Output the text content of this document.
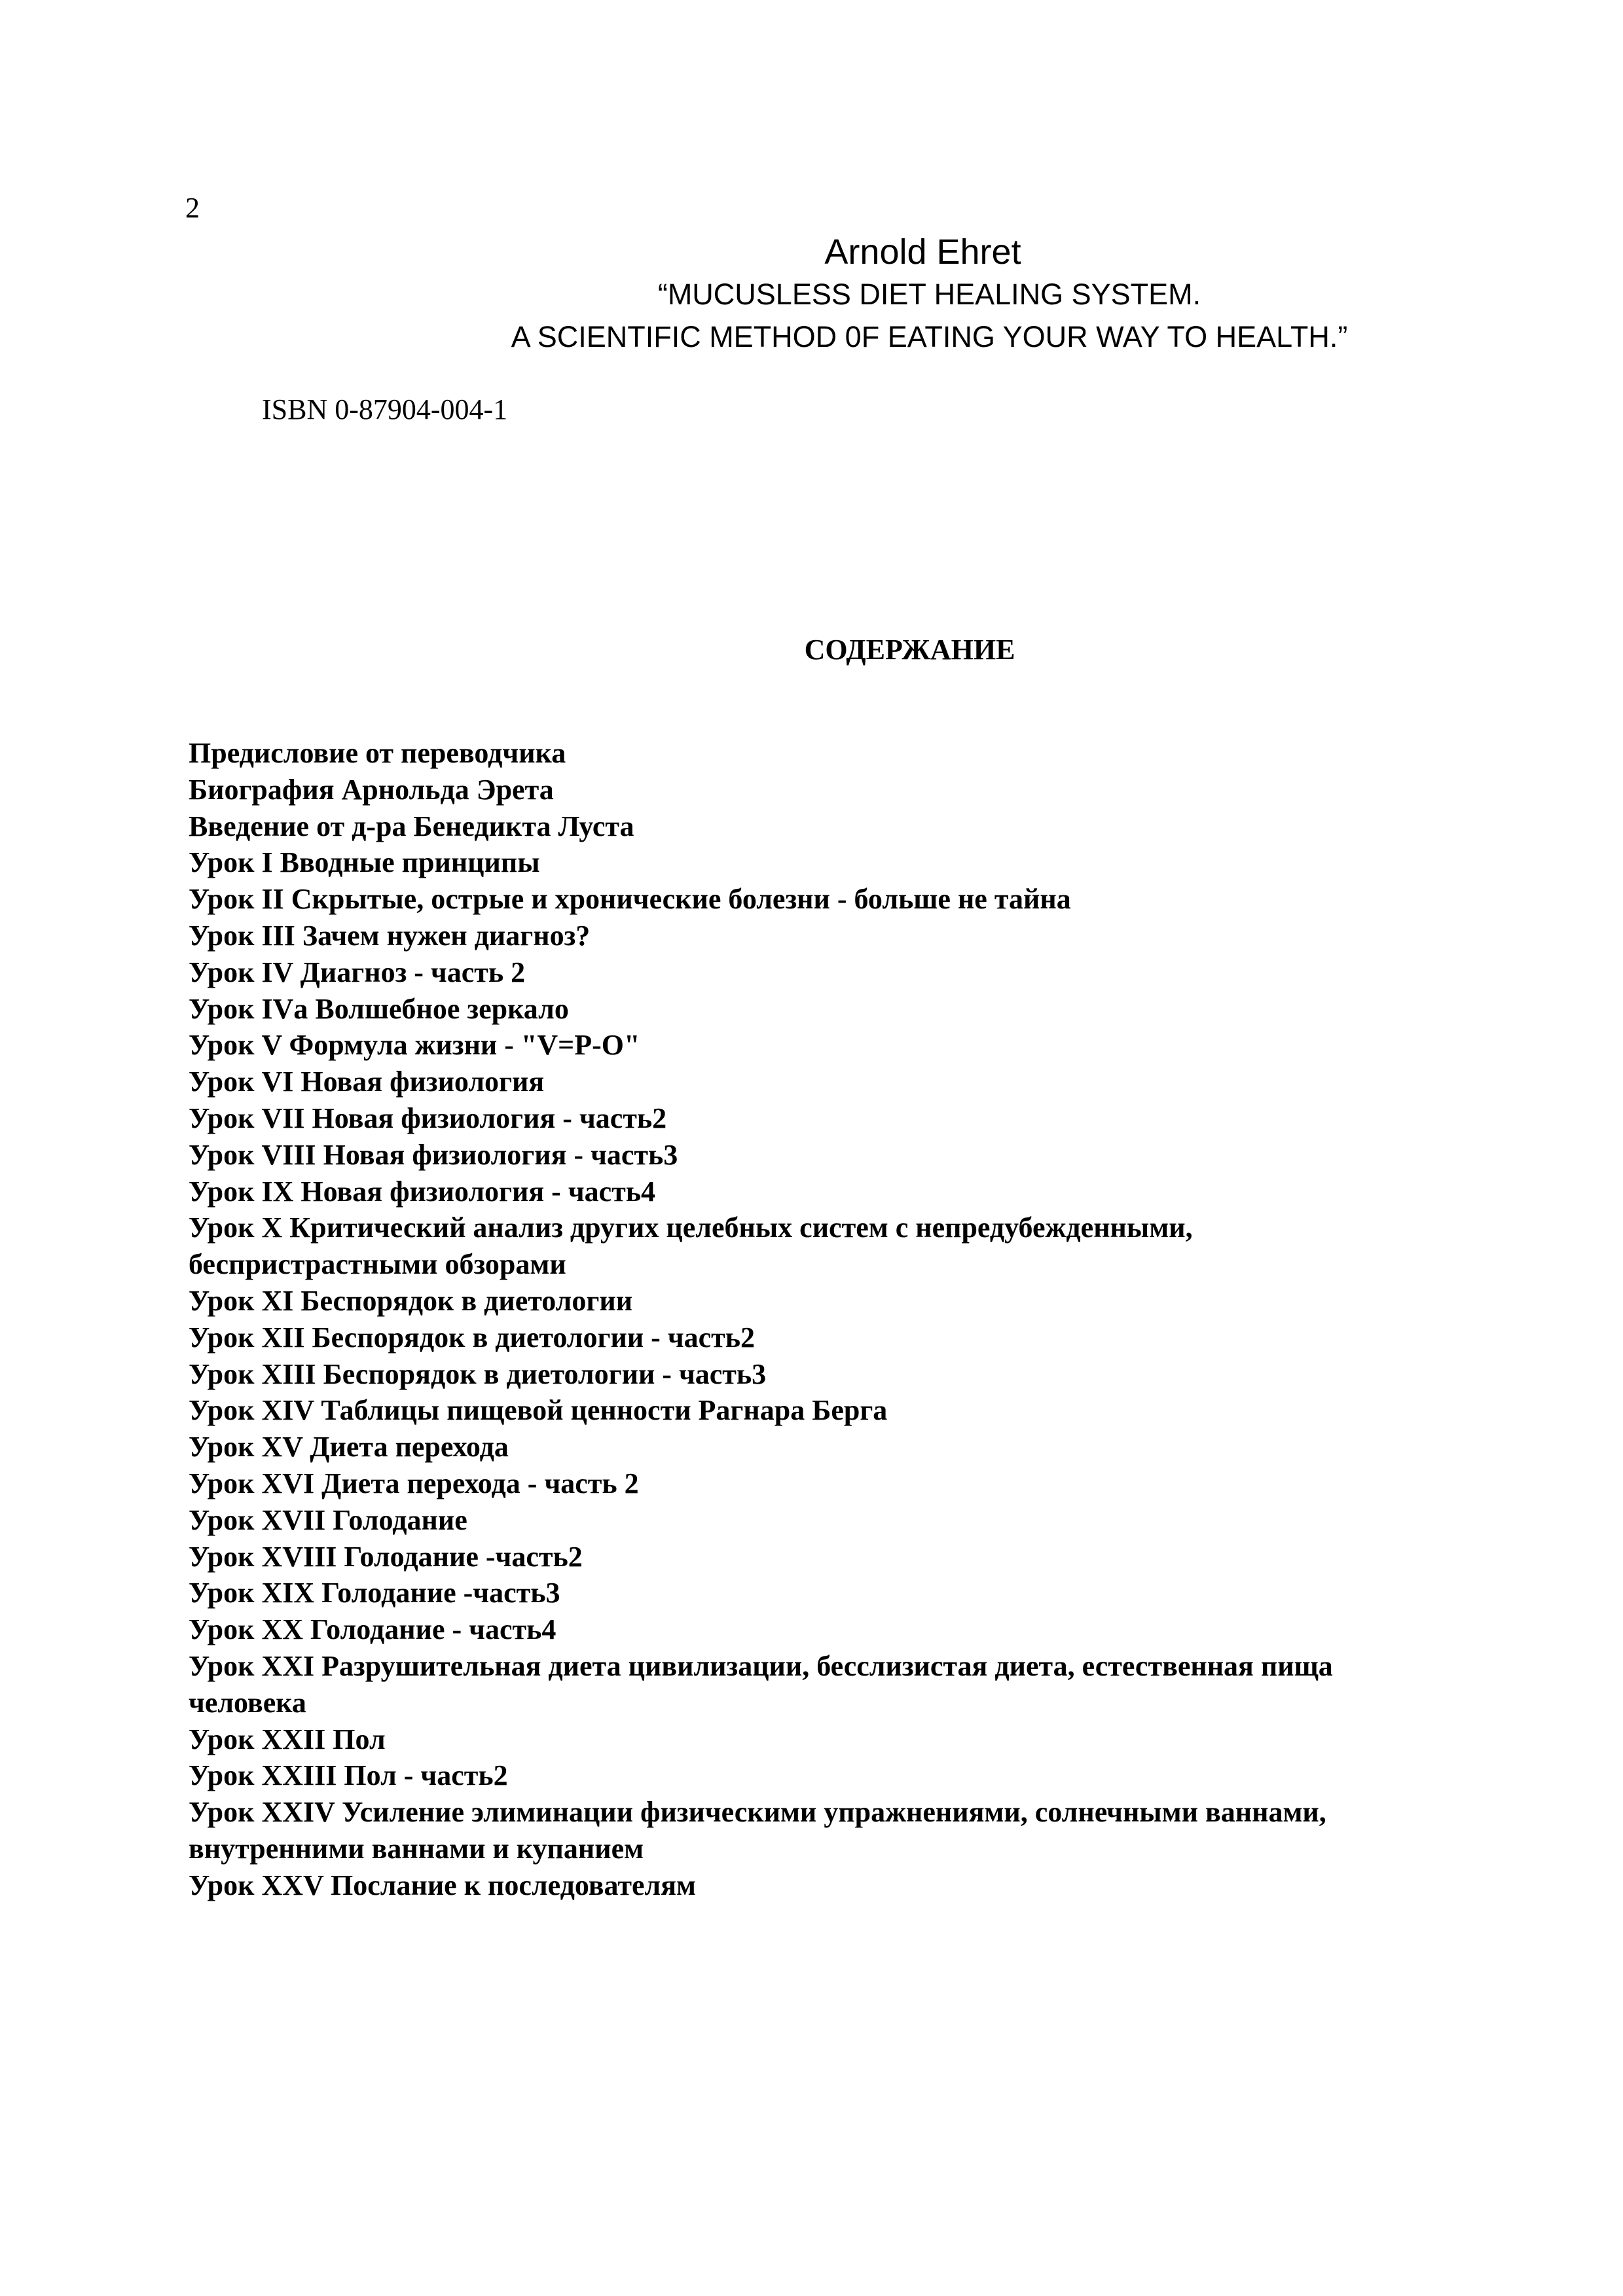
2
Arnold Ehret
“MUCUSLESS DIET HEALING SYSTEM.
A SCIENTIFIC METHOD 0F EATING YOUR WAY TO HEALTH.”
ISBN 0-87904-004-1
СОДЕРЖАНИЕ
Предисловие от переводчика
Биография Арнольда Эрета
Введение от д-ра Бенедикта Луста
Урок I Вводные принципы
Урок II Скрытые, острые и хронические болезни - больше не тайна
Урок III Зачем нужен диагноз?
Урок IV Диагноз - часть 2
Урок IVа Волшебное зеркало
Урок V Формула жизни - "V=P-O"
Урок VI Новая физиология
Урок VII Новая физиология - часть2
Урок VIII Новая физиология - часть3
Урок IX Новая физиология - часть4
Урок X Критический анализ других целебных систем с непредубежденными,
беспристрастными обзорами
Урок XI Беспорядок в диетологии
Урок XII Беспорядок в диетологии - часть2
Урок XIII Беспорядок в диетологии - часть3
Урок XIV Таблицы пищевой ценности Рагнара Берга
Урок XV Диета перехода
Урок XVI Диета перехода - часть 2
Урок XVII Голодание
Урок XVIII Голодание -часть2
Урок XIX Голодание -часть3
Урок XX Голодание - часть4
Урок XXI Разрушительная диета цивилизации, бесслизистая диета, естественная пища
человека
Урок XXII Пол
Урок XXIII Пол - часть2
Урок XXIV Усиление элиминации физическими упражнениями, солнечными ваннами,
внутренними ваннами и купанием
Урок XXV Послание к последователям
